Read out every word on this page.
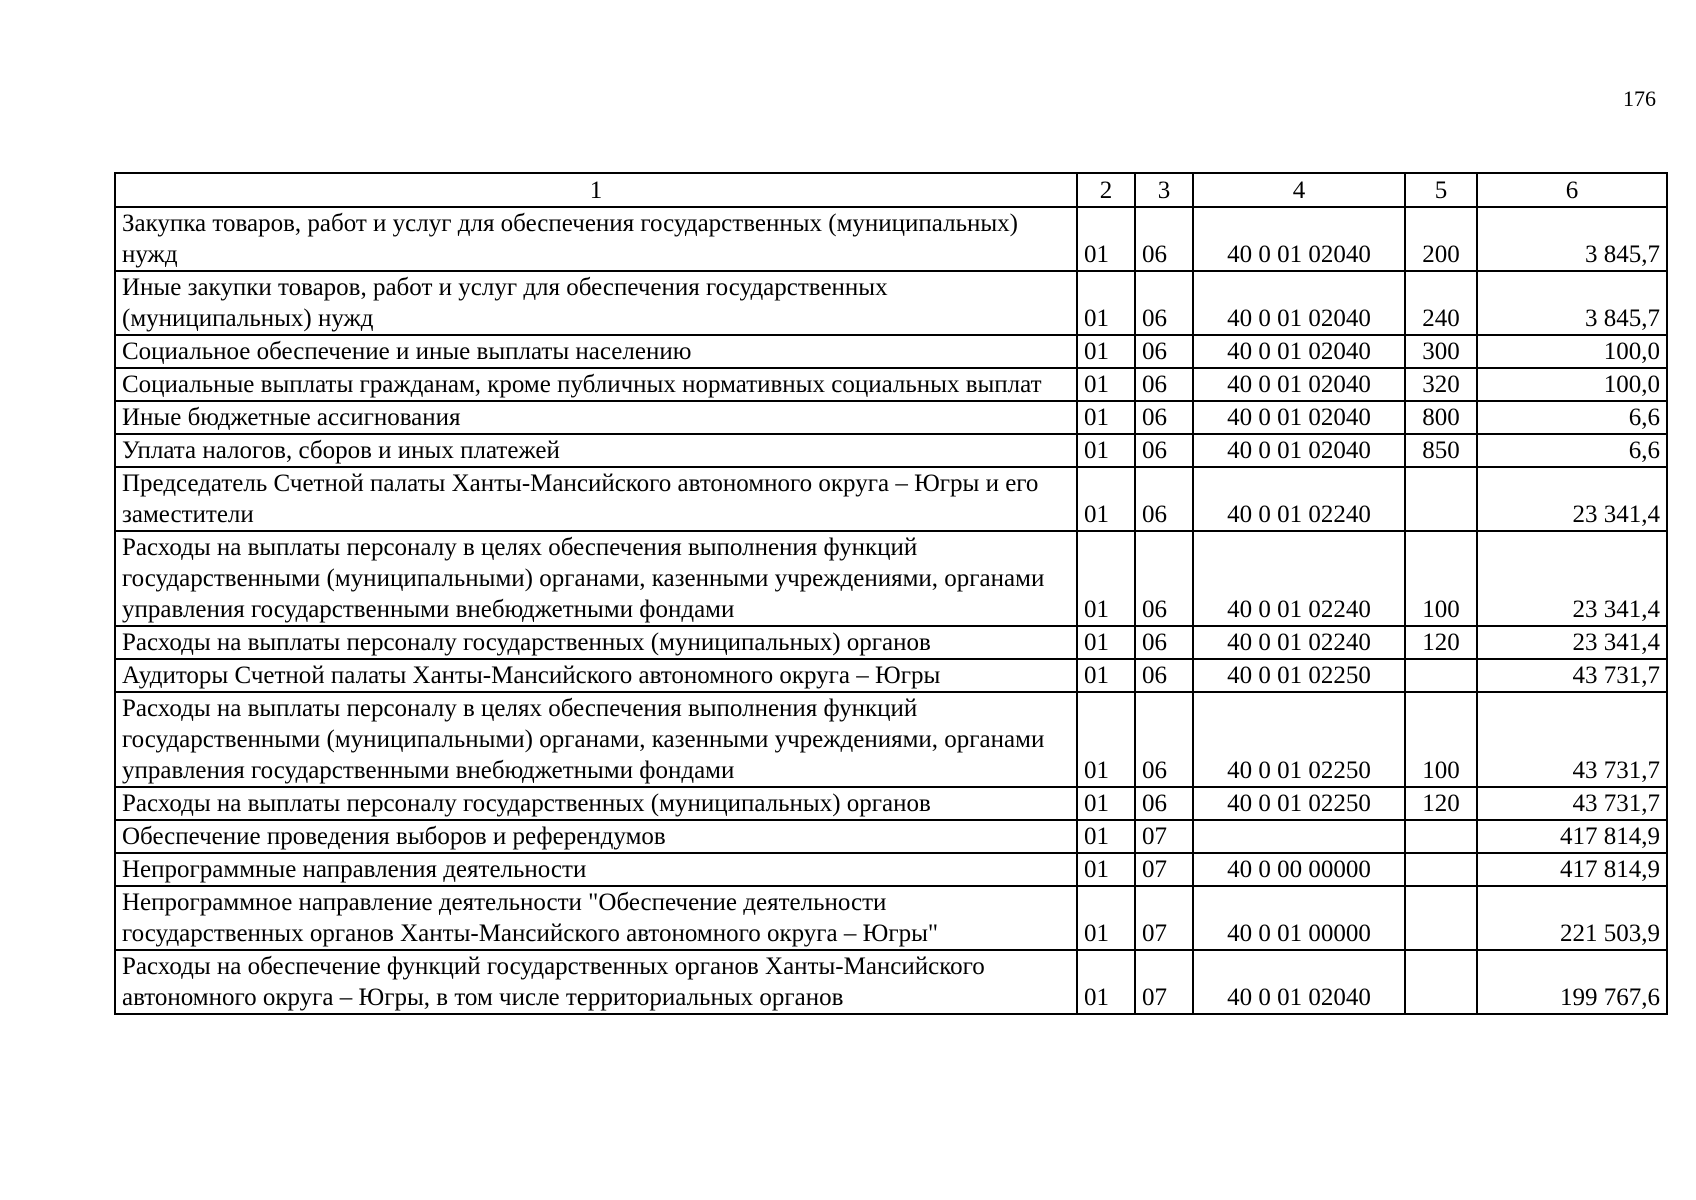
176
1	2	3	4	5	6
Закупка товаров, работ и услуг для обеспечения государственных (муниципальных) нужд	01	06	40 0 01 02040	200	3 845,7
Иные закупки товаров, работ и услуг для обеспечения государственных (муниципальных) нужд	01	06	40 0 01 02040	240	3 845,7
Социальное обеспечение и иные выплаты населению	01	06	40 0 01 02040	300	100,0
Социальные выплаты гражданам, кроме публичных нормативных социальных выплат	01	06	40 0 01 02040	320	100,0
Иные бюджетные ассигнования	01	06	40 0 01 02040	800	6,6
Уплата налогов, сборов и иных платежей	01	06	40 0 01 02040	850	6,6
Председатель Счетной палаты Ханты-Мансийского автономного округа – Югры и его заместители	01	06	40 0 01 02240		23 341,4
Расходы на выплаты персоналу в целях обеспечения выполнения функций государственными (муниципальными) органами, казенными учреждениями, органами управления государственными внебюджетными фондами	01	06	40 0 01 02240	100	23 341,4
Расходы на выплаты персоналу государственных (муниципальных) органов	01	06	40 0 01 02240	120	23 341,4
Аудиторы Счетной палаты Ханты-Мансийского автономного округа – Югры	01	06	40 0 01 02250		43 731,7
Расходы на выплаты персоналу в целях обеспечения выполнения функций государственными (муниципальными) органами, казенными учреждениями, органами управления государственными внебюджетными фондами	01	06	40 0 01 02250	100	43 731,7
Расходы на выплаты персоналу государственных (муниципальных) органов	01	06	40 0 01 02250	120	43 731,7
Обеспечение проведения выборов и референдумов	01	07			417 814,9
Непрограммные направления деятельности	01	07	40 0 00 00000		417 814,9
Непрограммное направление деятельности "Обеспечение деятельности государственных органов Ханты-Мансийского автономного округа – Югры"	01	07	40 0 01 00000		221 503,9
Расходы на обеспечение функций государственных органов Ханты-Мансийского автономного округа – Югры, в том числе территориальных органов	01	07	40 0 01 02040		199 767,6
